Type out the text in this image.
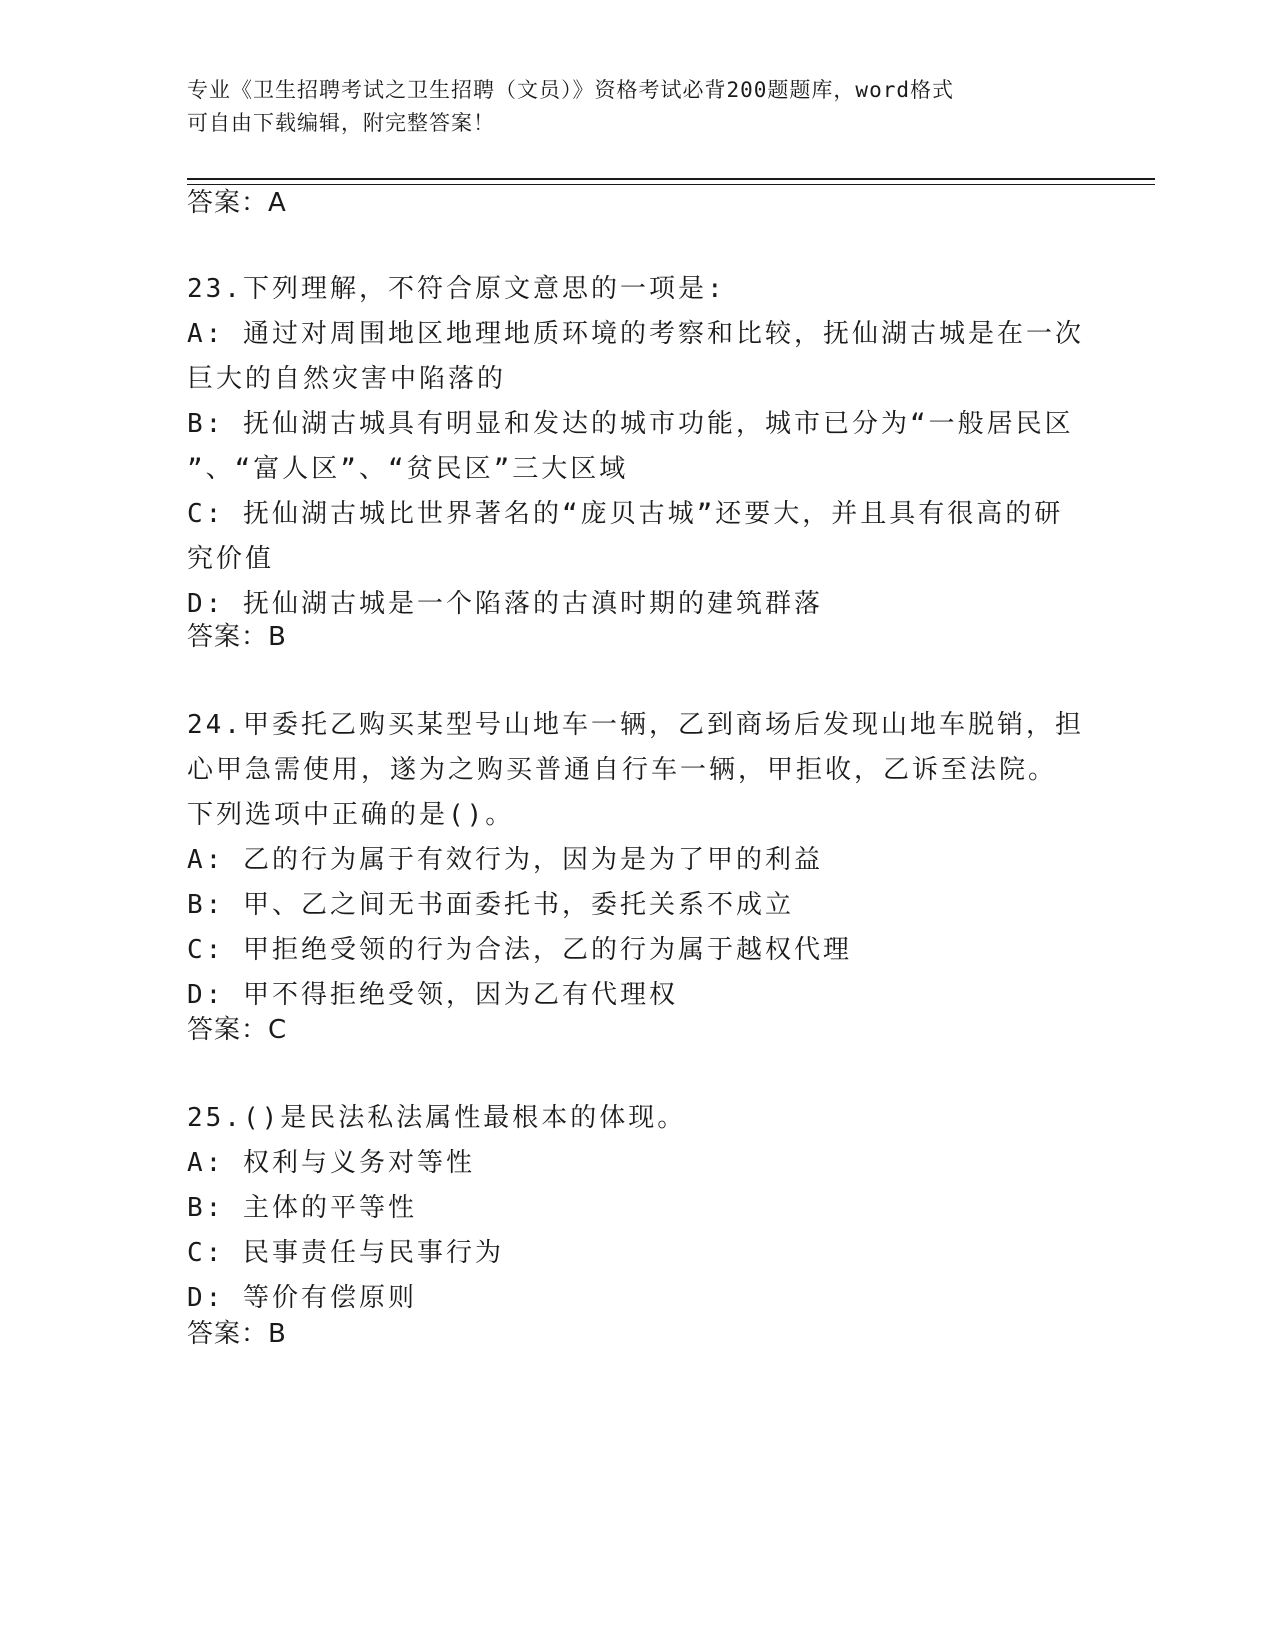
专业《卫生招聘考试之卫生招聘（文员）》资格考试必背200题题库，word格式
可自由下载编辑，附完整答案！
答案：A
23.下列理解，不符合原文意思的一项是:
A: 通过对周围地区地理地质环境的考察和比较，抚仙湖古城是在一次
巨大的自然灾害中陷落的
B: 抚仙湖古城具有明显和发达的城市功能，城市已分为“一般居民区
”、“富人区”、“贫民区”三大区域
C: 抚仙湖古城比世界著名的“庞贝古城”还要大，并且具有很高的研
究价值
D: 抚仙湖古城是一个陷落的古滇时期的建筑群落
答案：B
24.甲委托乙购买某型号山地车一辆，乙到商场后发现山地车脱销，担
心甲急需使用，遂为之购买普通自行车一辆，甲拒收，乙诉至法院。
下列选项中正确的是()。
A: 乙的行为属于有效行为，因为是为了甲的利益
B: 甲、乙之间无书面委托书，委托关系不成立
C: 甲拒绝受领的行为合法，乙的行为属于越权代理
D: 甲不得拒绝受领，因为乙有代理权
答案：C
25.()是民法私法属性最根本的体现。
A: 权利与义务对等性
B: 主体的平等性
C: 民事责任与民事行为
D: 等价有偿原则
答案：B
